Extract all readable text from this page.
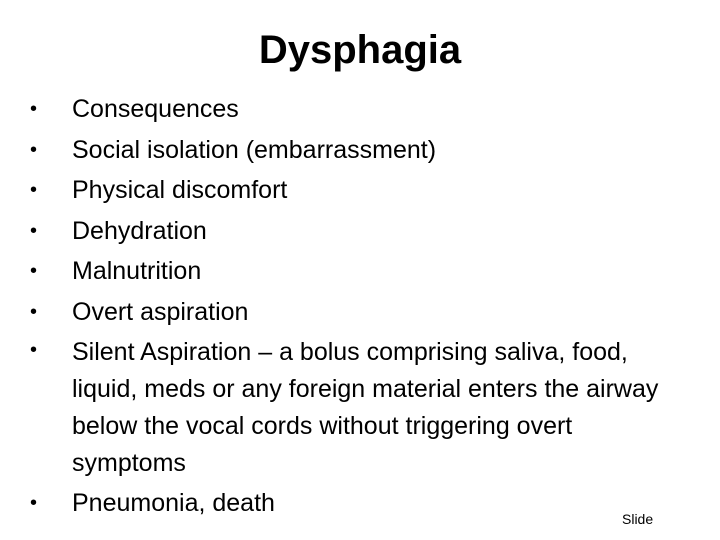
Dysphagia
•	Consequences
•	Social isolation (embarrassment)
•	Physical discomfort
•	Dehydration
•	Malnutrition
•	Overt aspiration
•	Silent Aspiration – a bolus comprising saliva, food, liquid, meds or any foreign material enters the airway below the vocal cords without triggering overt symptoms
•	Pneumonia, death
Slide
